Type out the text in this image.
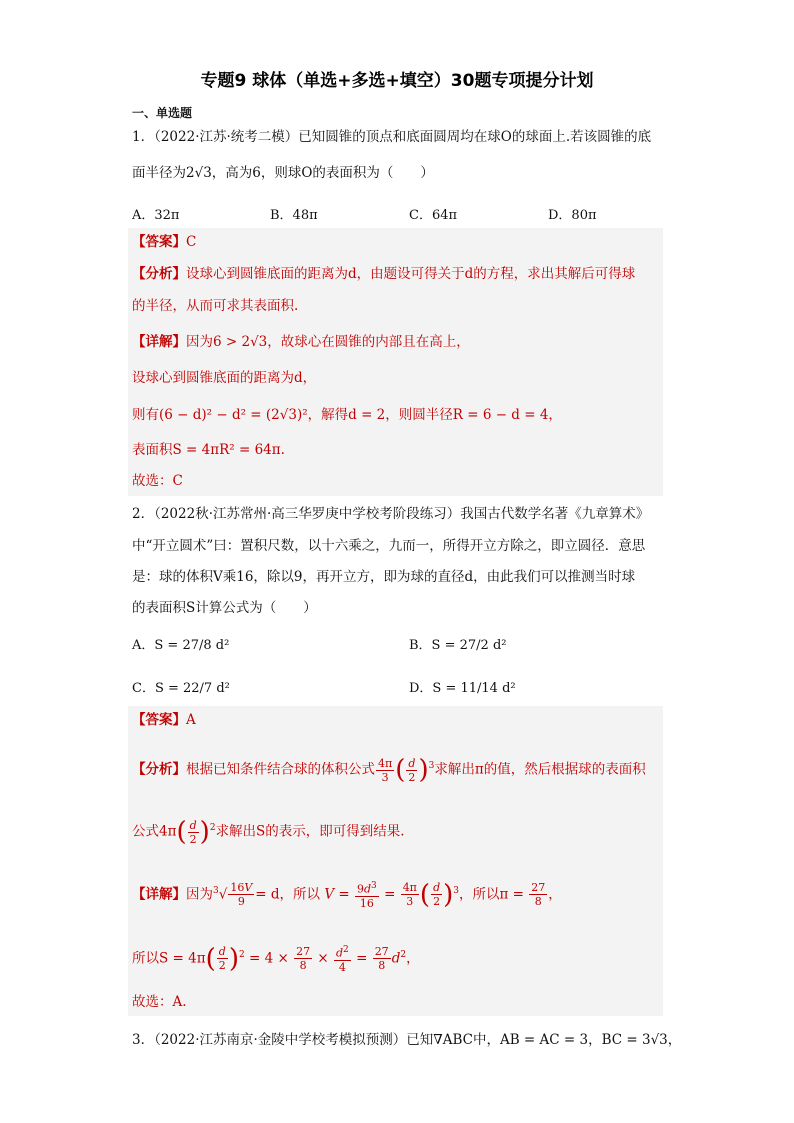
专题9 球体（单选+多选+填空）30题专项提分计划
一、单选题
1．（2022·江苏·统考二模）已知圆锥的顶点和底面圆周均在球O的球面上.若该圆锥的底
面半径为2√3，高为6，则球O的表面积为（　　）
A．32π	B．48π	C．64π	D．80π
【答案】C
【分析】设球心到圆锥底面的距离为d，由题设可得关于d的方程，求出其解后可得球
的半径，从而可求其表面积.
【详解】因为6 > 2√3，故球心在圆锥的内部且在高上，
设球心到圆锥底面的距离为d，
则有(6 − d)² − d² = (2√3)²，解得d = 2，则圆半径R = 6 − d = 4，
表面积S = 4πR² = 64π.
故选：C
2．（2022秋·江苏常州·高三华罗庚中学校考阶段练习）我国古代数学名著《九章算术》
中“开立圆术”曰：置积尺数，以十六乘之，九而一，所得开立方除之，即立圆径．意思
是：球的体积V乘16，除以9，再开立方，即为球的直径d，由此我们可以推测当时球
的表面积S计算公式为（　　）
A．S = 27/8 d²	B．S = 27/2 d²
C．S = 22/7 d²	D．S = 11/14 d²
【答案】A
【分析】根据已知条件结合球的体积公式 $\frac{4\pi}{3}$ ( $\frac{d}{2} )^3$求解出π的值，然后根据球的表面积
公式$4\pi( \frac{d}{2} )^2$求解出S的表示，即可得到结果.
【详解】因为$^3√ \frac{16V}{9} = d$，所以 $V = \frac{9d^3}{16} = \frac{4\pi}{3}$ ( $\frac{d}{2} )^3$，所以$\pi = \frac{27}{8}$ ，
所以$S = 4\pi( \frac{d}{2} )^2 = 4 \times \frac{27}{8} \times \frac{d^2}{4} = \frac{27}{8} d^2$，
故选：A.
3．（2022·江苏南京·金陵中学校考模拟预测）已知∇ABC中，AB = AC = 3，BC = 3√3，
